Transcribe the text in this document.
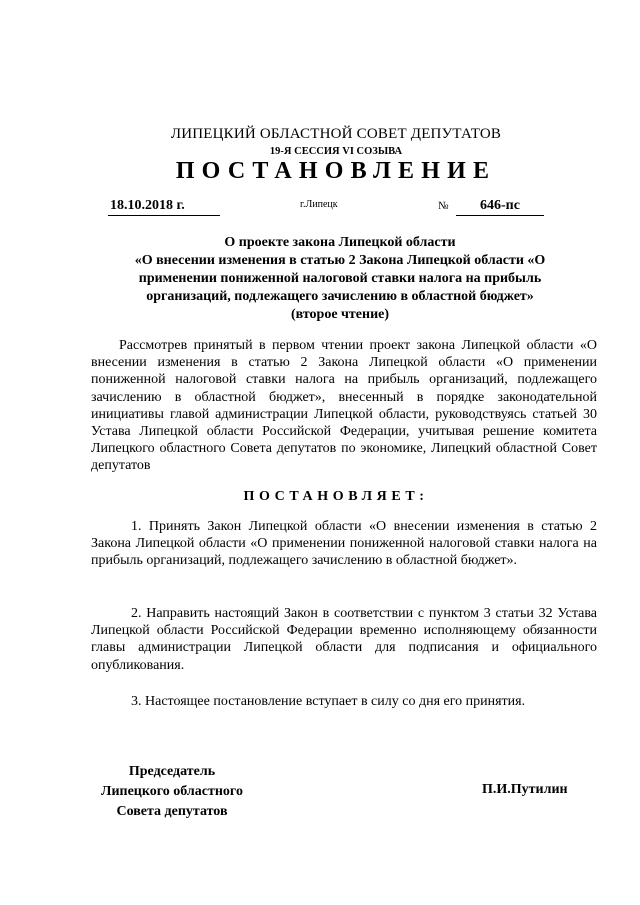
ЛИПЕЦКИЙ ОБЛАСТНОЙ СОВЕТ ДЕПУТАТОВ
19-Я СЕССИЯ VI СОЗЫВА
ПОСТАНОВЛЕНИЕ
18.10.2018 г.	г.Липецк	№	646-пс
О проекте закона Липецкой области
«О внесении изменения в статью 2 Закона Липецкой области «О
применении пониженной налоговой ставки налога на прибыль
организаций, подлежащего зачислению в областной бюджет»
(второе чтение)
Рассмотрев принятый в первом чтении проект закона Липецкой области «О внесении изменения в статью 2 Закона Липецкой области «О применении пониженной налоговой ставки налога на прибыль организаций, подлежащего зачислению в областной бюджет», внесенный в порядке законодательной инициативы главой администрации Липецкой области, руководствуясь статьей 30 Устава Липецкой области Российской Федерации, учитывая решение комитета Липецкого областного Совета депутатов по экономике, Липецкий областной Совет депутатов
ПОСТАНОВЛЯЕТ:
1. Принять Закон Липецкой области «О внесении изменения в статью 2 Закона Липецкой области «О применении пониженной налоговой ставки налога на прибыль организаций, подлежащего зачислению в областной бюджет».
2. Направить настоящий Закон в соответствии с пунктом 3 статьи 32 Устава Липецкой области Российской Федерации временно исполняющему обязанности главы администрации Липецкой области для подписания и официального опубликования.
3. Настоящее постановление вступает в силу со дня его принятия.
Председатель
Липецкого областного
Совета депутатов
П.И.Путилин
